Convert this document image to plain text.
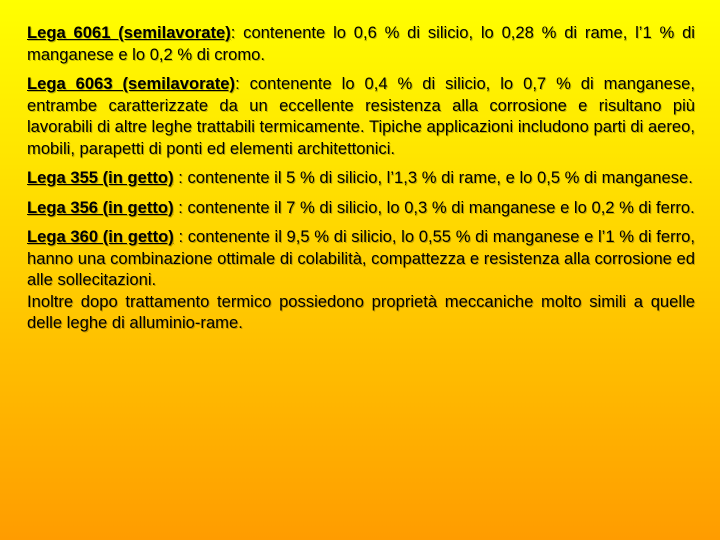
Lega 6061 (semilavorate): contenente lo 0,6 % di silicio, lo 0,28 % di rame, l’1 % di manganese e lo 0,2 % di cromo.

Lega 6063 (semilavorate): contenente lo 0,4 % di silicio, lo 0,7 % di manganese, entrambe caratterizzate da un eccellente resistenza alla corrosione e risultano più lavorabili di altre leghe trattabili termicamente. Tipiche applicazioni includono parti di aereo, mobili, parapetti di ponti ed elementi architettonici.

Lega 355 (in getto) : contenente il 5 % di silicio, l’1,3 % di rame, e lo 0,5 % di manganese.

Lega 356 (in getto) : contenente il 7 % di silicio, lo 0,3 % di manganese e lo 0,2 % di ferro.

Lega 360 (in getto) : contenente il 9,5 % di silicio, lo 0,55 % di manganese e l’1 % di ferro, hanno una combinazione ottimale di colabilità, compattezza e resistenza alla corrosione ed alle sollecitazioni.

Inoltre dopo trattamento termico possiedono proprietà meccaniche molto simili a quelle delle leghe di alluminio-rame.
